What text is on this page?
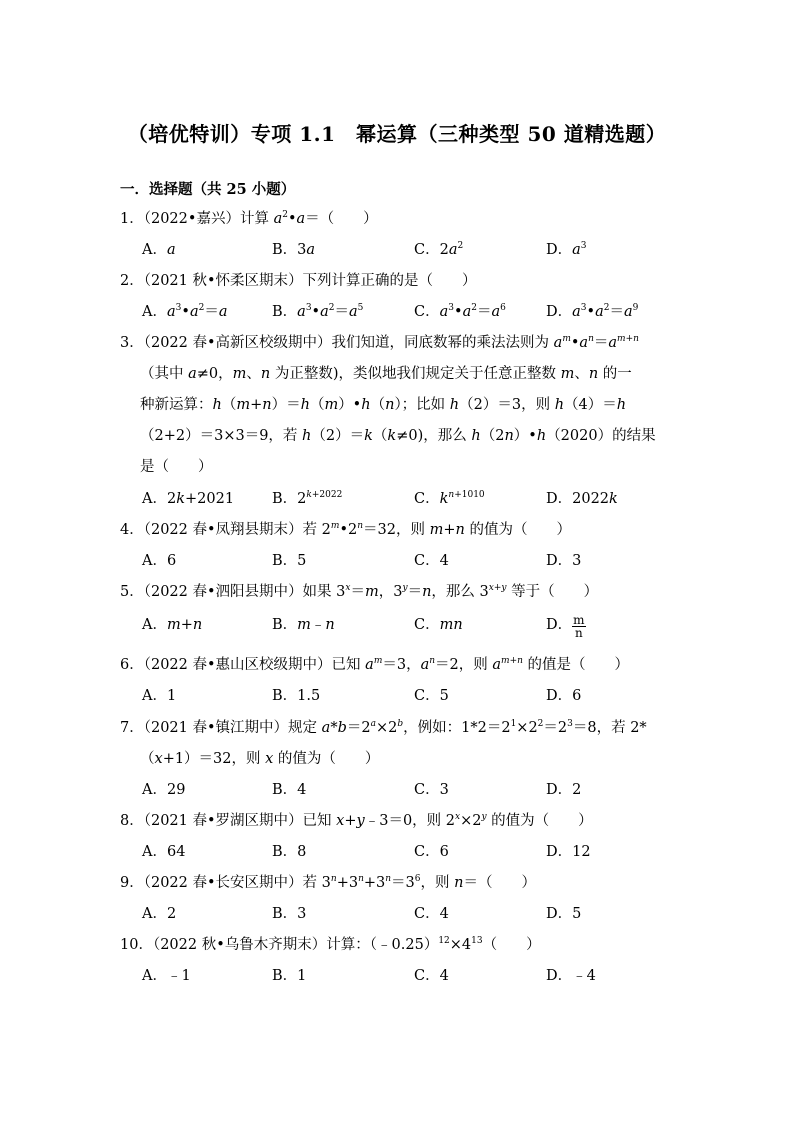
（培优特训）专项 1.1　幂运算（三种类型 50 道精选题）
一．选择题（共 25 小题）
1．（2022•嘉兴）计算 $a^2•a=$（　　）
A．a	B．3a	C．$2a^2$	D．$a^3$
2．（2021 秋•怀柔区期末）下列计算正确的是（　　）
A．$a^3•a^2=a$	B．$a^3•a^2=a^5$	C．$a^3•a^2=a^6$	D．$a^3•a^2=a^9$
3．（2022 春•高新区校级期中）我们知道，同底数幂的乘法法则为 $a^m•a^n=a^{m+n}$
（其中 a≠0，m、n 为正整数)，类似地我们规定关于任意正整数 m、n 的一
种新运算：h（m+n）＝h（m）•h（n）；比如 h（2）＝3，则 h（4）＝h
（2+2）＝3×3＝9，若 h（2）＝k（k≠0)，那么 h（2n）•h（2020）的结果
是（　　）
A．2k+2021	B．$2^{k+2022}$	C．$k^{n+1010}$	D．2022k
4．（2022 春•凤翔县期末）若 $2^m•2^n=32$，则 m+n 的值为（　　）
A．6	B．5	C．4	D．3
5．（2022 春•泗阳县期中）如果 $3^x=m$，$3^y=n$，那么 $3^{x+y}$ 等于（　　）
A．m+n	B．m﹣n	C．mn	D． $\frac{m}{n}$
6．（2022 春•惠山区校级期中）已知 $a^m=3$，$a^n=2$，则 $a^{m+n}$ 的值是（　　）
A．1	B．1.5	C．5	D．6
7．（2021 春•镇江期中）规定 $a*b=2^a\times 2^b$，例如：$1*2=2^1\times 2^2=2^3=8$，若 2*
（x+1）＝32，则 x 的值为（　　）
A．29	B．4	C．3	D．2
8．（2021 春•罗湖区期中）已知 x+y﹣3＝0，则 $2^x\times 2^y$ 的值为（　　）
A．64	B．8	C．6	D．12
9．（2022 春•长安区期中）若 $3^n+3^n+3^n=3^6$，则 n＝（　　）
A．2	B．3	C．4	D．5
10．（2022 秋•乌鲁木齐期末）计算：$(﹣0.25)^{12}\times 4^{13}$（　　）
A．﹣1	B．1	C．4	D．﹣4
